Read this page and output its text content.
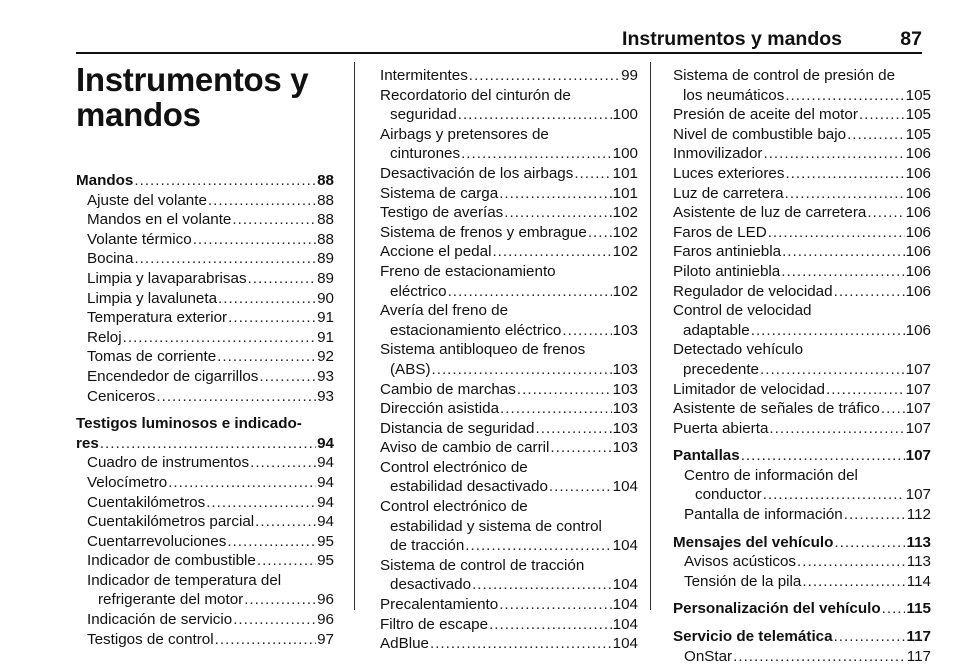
Instrumentos y mandos	87
Instrumentos y
mandos
Mandos .....	88
Ajuste del volante .....	88
Mandos en el volante .....	88
Volante térmico .....	88
Bocina .....	89
Limpia y lavaparabrisas .....	89
Limpia y lavaluneta .....	90
Temperatura exterior .....	91
Reloj .....	91
Tomas de corriente .....	92
Encendedor de cigarrillos .....	93
Ceniceros .....	93
Testigos luminosos e indicado-
res .....	94
Cuadro de instrumentos .....	94
Velocímetro .....	94
Cuentakilómetros .....	94
Cuentakilómetros parcial .....	94
Cuentarrevoluciones .....	95
Indicador de combustible .....	95
Indicador de temperatura del
refrigerante del motor .....	96
Indicación de servicio .....	96
Testigos de control .....	97
Intermitentes .....	99
Recordatorio del cinturón de
seguridad .....	100
Airbags y pretensores de
cinturones .....	100
Desactivación de los airbags .....	101
Sistema de carga .....	101
Testigo de averías .....	102
Sistema de frenos y embrague ..... 102
Accione el pedal .....	102
Freno de estacionamiento
eléctrico .....	102
Avería del freno de
estacionamiento eléctrico .....	103
Sistema antibloqueo de frenos
(ABS) .....	103
Cambio de marchas .....	103
Dirección asistida .....	103
Distancia de seguridad .....	103
Aviso de cambio de carril .....	103
Control electrónico de
estabilidad desactivado .....	104
Control electrónico de
estabilidad y sistema de control
de tracción .....	104
Sistema de control de tracción
desactivado .....	104
Precalentamiento .....	104
Filtro de escape .....	104
AdBlue .....	104
Sistema de control de presión de
los neumáticos .....	105
Presión de aceite del motor .....	105
Nivel de combustible bajo .....	105
Inmovilizador .....	106
Luces exteriores .....	106
Luz de carretera .....	106
Asistente de luz de carretera .....	106
Faros de LED .....	106
Faros antiniebla .....	106
Piloto antiniebla .....	106
Regulador de velocidad .....	106
Control de velocidad
adaptable .....	106
Detectado vehículo
precedente .....	107
Limitador de velocidad .....	107
Asistente de señales de tráfico ..... 107
Puerta abierta .....	107
Pantallas .....	107
Centro de información del
conductor .....	107
Pantalla de información .....	112
Mensajes del vehículo .....	113
Avisos acústicos .....	113
Tensión de la pila .....	114
Personalización del vehículo ..... 115
Servicio de telemática .....	117
OnStar .....	117
